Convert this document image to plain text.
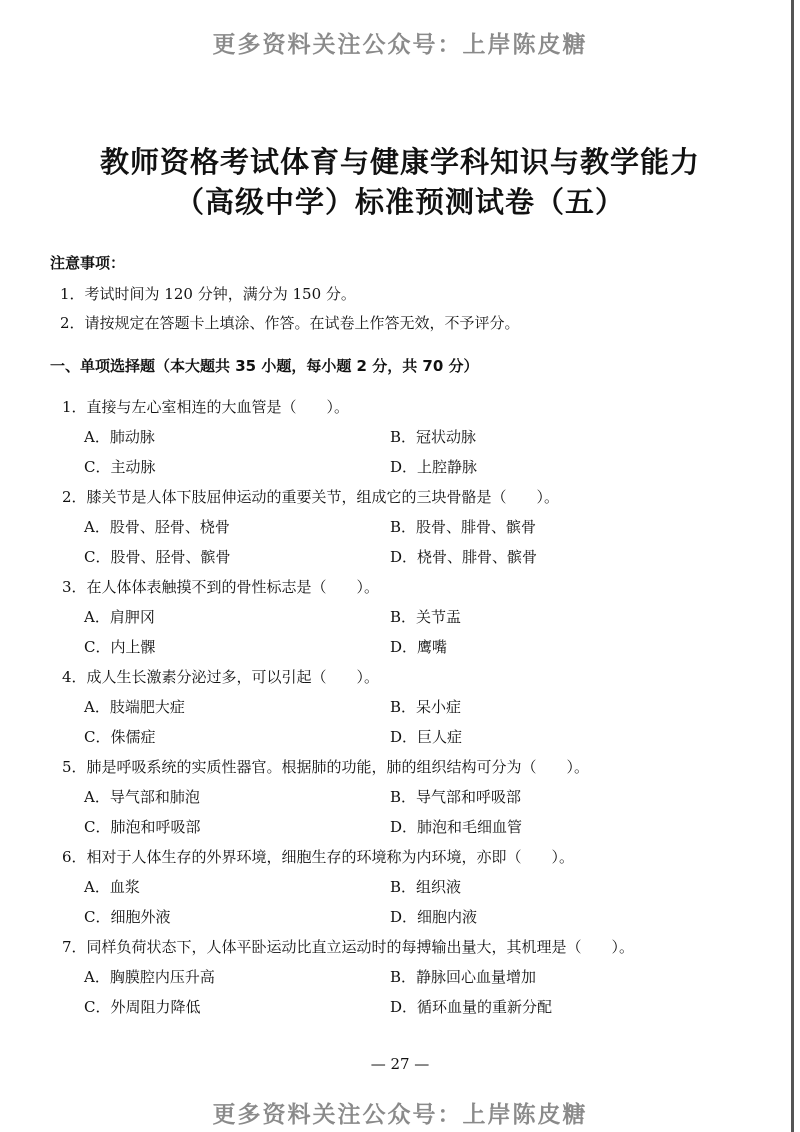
更多资料关注公众号：上岸陈皮糖
教师资格考试体育与健康学科知识与教学能力
（高级中学）标准预测试卷（五）
注意事项：
1．考试时间为 120 分钟，满分为 150 分。
2．请按规定在答题卡上填涂、作答。在试卷上作答无效，不予评分。
一、单项选择题（本大题共 35 小题，每小题 2 分，共 70 分）
1．直接与左心室相连的大血管是（　　）。
A．肺动脉	B．冠状动脉
C．主动脉	D．上腔静脉
2．膝关节是人体下肢屈伸运动的重要关节，组成它的三块骨骼是（　　）。
A．股骨、胫骨、桡骨	B．股骨、腓骨、髌骨
C．股骨、胫骨、髌骨	D．桡骨、腓骨、髌骨
3．在人体体表触摸不到的骨性标志是（　　）。
A．肩胛冈	B．关节盂
C．内上髁	D．鹰嘴
4．成人生长激素分泌过多，可以引起（　　）。
A．肢端肥大症	B．呆小症
C．侏儒症	D．巨人症
5．肺是呼吸系统的实质性器官。根据肺的功能，肺的组织结构可分为（　　）。
A．导气部和肺泡	B．导气部和呼吸部
C．肺泡和呼吸部	D．肺泡和毛细血管
6．相对于人体生存的外界环境，细胞生存的环境称为内环境，亦即（　　）。
A．血浆	B．组织液
C．细胞外液	D．细胞内液
7．同样负荷状态下，人体平卧运动比直立运动时的每搏输出量大，其机理是（　　）。
A．胸膜腔内压升高	B．静脉回心血量增加
C．外周阻力降低	D．循环血量的重新分配
— 27 —
更多资料关注公众号：上岸陈皮糖
